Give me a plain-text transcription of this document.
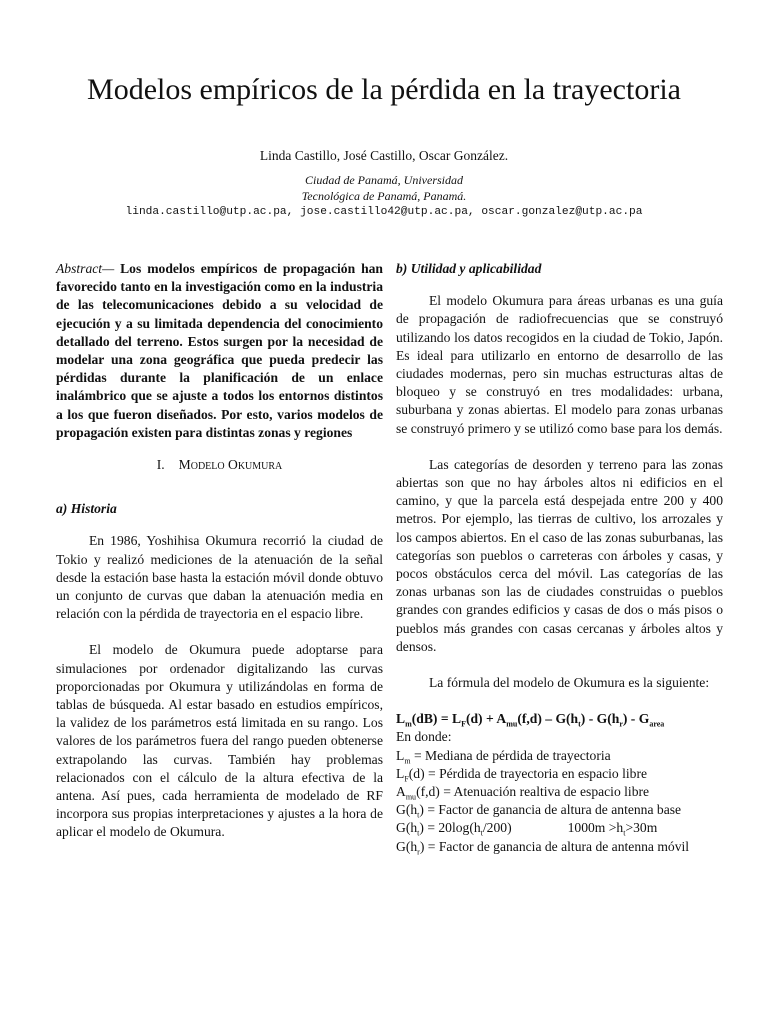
Modelos empíricos de la pérdida en la trayectoria
Linda Castillo, José Castillo, Oscar González.
Ciudad de Panamá, Universidad
Tecnológica de Panamá, Panamá.
linda.castillo@utp.ac.pa, jose.castillo42@utp.ac.pa, oscar.gonzalez@utp.ac.pa

Abstract— Los modelos empíricos de propagación han favorecido tanto en la investigación como en la industria de las telecomunicaciones debido a su velocidad de ejecución y a su limitada dependencia del conocimiento detallado del terreno. Estos surgen por la necesidad de modelar una zona geográfica que pueda predecir las pérdidas durante la planificación de un enlace inalámbrico que se ajuste a todos los entornos distintos a los que fueron diseñados. Por esto, varios modelos de propagación existen para distintas zonas y regiones

I. Modelo Okumura
a) Historia

En 1986, Yoshihisa Okumura recorrió la ciudad de Tokio y realizó mediciones de la atenuación de la señal desde la estación base hasta la estación móvil donde obtuvo un conjunto de curvas que daban la atenuación media en relación con la pérdida de trayectoria en el espacio libre.

El modelo de Okumura puede adoptarse para simulaciones por ordenador digitalizando las curvas proporcionadas por Okumura y utilizándolas en forma de tablas de búsqueda. Al estar basado en estudios empíricos, la validez de los parámetros está limitada en su rango. Los valores de los parámetros fuera del rango pueden obtenerse extrapolando las curvas. También hay problemas relacionados con el cálculo de la altura efectiva de la antena. Así pues, cada herramienta de modelado de RF incorpora sus propias interpretaciones y ajustes a la hora de aplicar el modelo de Okumura.

b) Utilidad y aplicabilidad

El modelo Okumura para áreas urbanas es una guía de propagación de radiofrecuencias que se construyó utilizando los datos recogidos en la ciudad de Tokio, Japón. Es ideal para utilizarlo en entorno de desarrollo de las ciudades modernas, pero sin muchas estructuras altas de bloqueo y se construyó en tres modalidades: urbana, suburbana y zonas abiertas. El modelo para zonas urbanas se construyó primero y se utilizó como base para los demás.

Las categorías de desorden y terreno para las zonas abiertas son que no hay árboles altos ni edificios en el camino, y que la parcela está despejada entre 200 y 400 metros. Por ejemplo, las tierras de cultivo, los arrozales y los campos abiertos. En el caso de las zonas suburbanas, las categorías son pueblos o carreteras con árboles y casas, y pocos obstáculos cerca del móvil. Las categorías de las zonas urbanas son las de ciudades construidas o pueblos grandes con grandes edificios y casas de dos o más pisos o pueblos más grandes con casas cercanas y árboles altos y densos.

La fórmula del modelo de Okumura es la siguiente:

$L_m(dB) = L_F(d) + A_{mu}(f,d) - G(h_t) - G(h_r) - G_{area}$
En donde:
$L_m$ = Mediana de pérdida de trayectoria
$L_F(d)$ = Pérdida de trayectoria en espacio libre
$A_{mu}(f,d)$ = Atenuación realtiva de espacio libre
$G(h_t)$ = Factor de ganancia de altura de antenna base
$G(h_t) = 20\log(h_t/200)$	$1000m >h_t>30m$
$G(h_r)$ = Factor de ganancia de altura de antenna móvil
